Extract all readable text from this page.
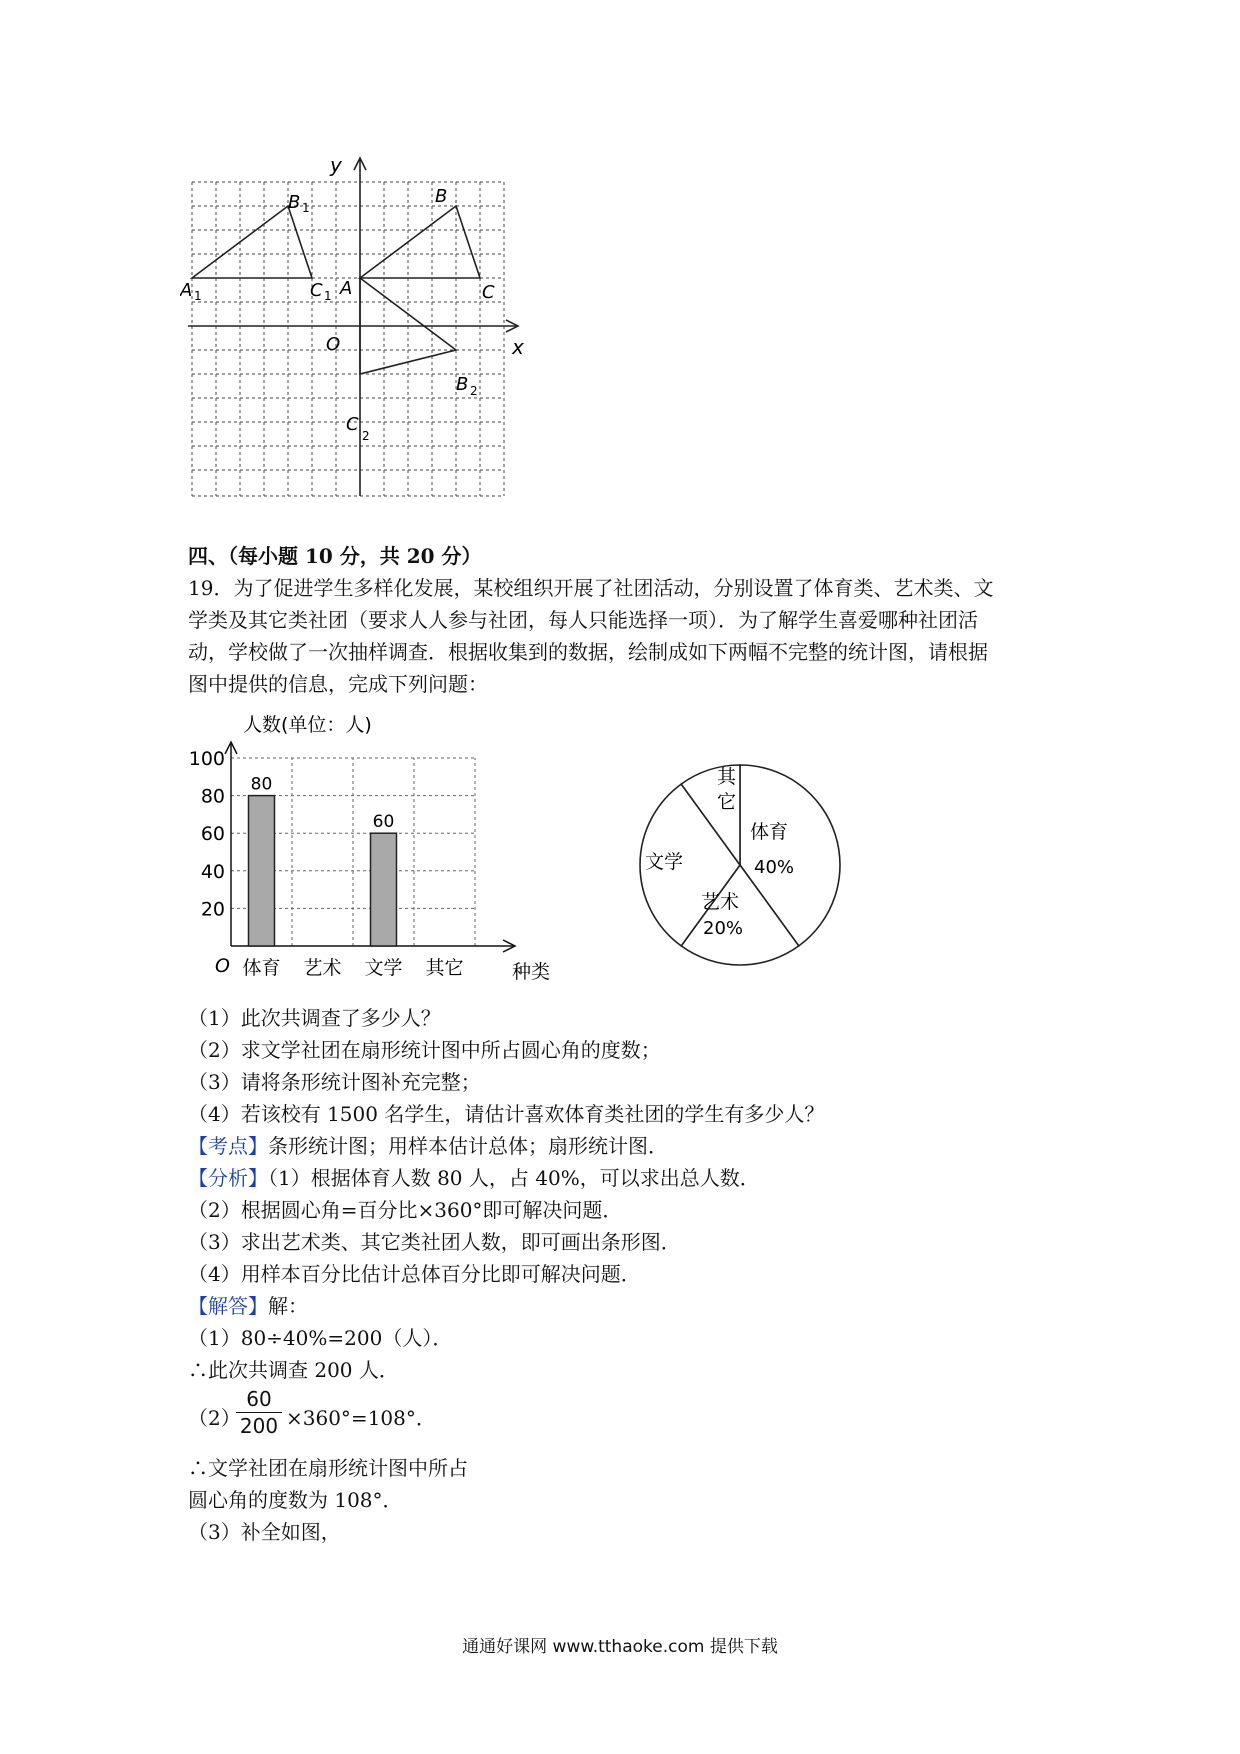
y
x
O
B 1
A 1	C 1 A
B
C
B 2
C
2
四、（每小题 10 分，共 20 分）
19．为了促进学生多样化发展，某校组织开展了社团活动，分别设置了体育类、艺术类、文
学类及其它类社团（要求人人参与社团，每人只能选择一项）．为了解学生喜爱哪种社团活
动，学校做了一次抽样调查．根据收集到的数据，绘制成如下两幅不完整的统计图，请根据
图中提供的信息，完成下列问题：
人数(单位：人)
20
40
60
80
100
80
60
体育 艺术 文学 其它
O	种类
其
它
体育
40%
文学
艺术
20%
（1）此次共调查了多少人？
（2）求文学社团在扇形统计图中所占圆心角的度数；
（3）请将条形统计图补充完整；
（4）若该校有 1500 名学生，请估计喜欢体育类社团的学生有多少人？
【考点】条形统计图；用样本估计总体；扇形统计图．
【分析】（1）根据体育人数 80 人，占 40%，可以求出总人数．
（2）根据圆心角=百分比×360°即可解决问题．
（3）求出艺术类、其它类社团人数，即可画出条形图．
（4）用样本百分比估计总体百分比即可解决问题．
【解答】解：
（1）80÷40%=200（人）．
∴此次共调查 200 人．
（2）
$\frac{60}{200} \times 360^\circ=108^\circ$．
∴文学社团在扇形统计图中所占
圆心角的度数为 108°．
（3）补全如图，
通通好课网 www.tthaoke.com 提供下载
